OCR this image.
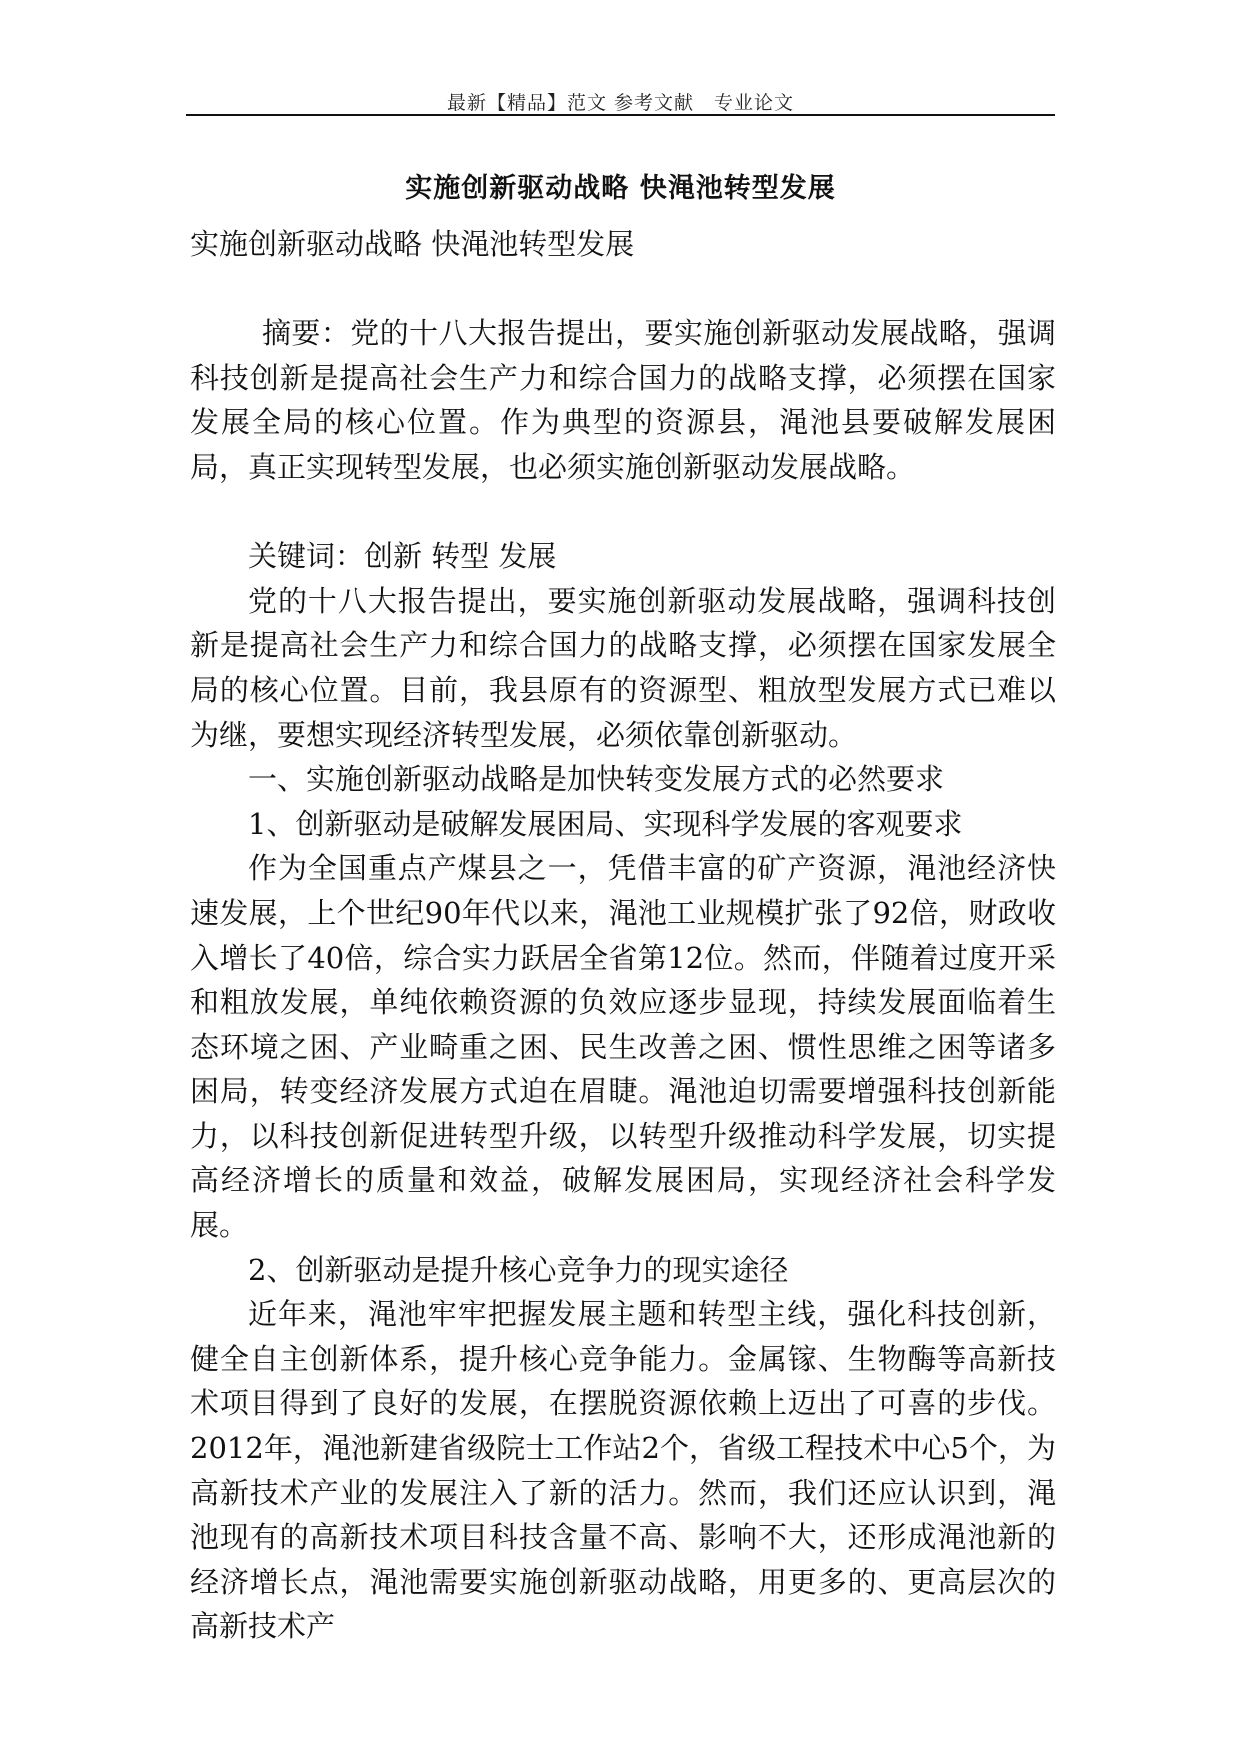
最新【精品】范文 参考文献　专业论文
实施创新驱动战略 快渑池转型发展

实施创新驱动战略 快渑池转型发展

摘要：党的十八大报告提出，要实施创新驱动发展战略，强调科技创新是提高社会生产力和综合国力的战略支撑，必须摆在国家发展全局的核心位置。作为典型的资源县，渑池县要破解发展困局，真正实现转型发展，也必须实施创新驱动发展战略。

关键词：创新 转型 发展

党的十八大报告提出，要实施创新驱动发展战略，强调科技创新是提高社会生产力和综合国力的战略支撑，必须摆在国家发展全局的核心位置。目前，我县原有的资源型、粗放型发展方式已难以为继，要想实现经济转型发展，必须依靠创新驱动。

一、实施创新驱动战略是加快转变发展方式的必然要求

1、创新驱动是破解发展困局、实现科学发展的客观要求

作为全国重点产煤县之一，凭借丰富的矿产资源，渑池经济快速发展，上个世纪90年代以来，渑池工业规模扩张了92倍，财政收入增长了40倍，综合实力跃居全省第12位。然而，伴随着过度开采和粗放发展，单纯依赖资源的负效应逐步显现，持续发展面临着生态环境之困、产业畸重之困、民生改善之困、惯性思维之困等诸多困局，转变经济发展方式迫在眉睫。渑池迫切需要增强科技创新能力，以科技创新促进转型升级，以转型升级推动科学发展，切实提高经济增长的质量和效益，破解发展困局，实现经济社会科学发展。

2、创新驱动是提升核心竞争力的现实途径

近年来，渑池牢牢把握发展主题和转型主线，强化科技创新，健全自主创新体系，提升核心竞争能力。金属镓、生物酶等高新技术项目得到了良好的发展，在摆脱资源依赖上迈出了可喜的步伐。2012年，渑池新建省级院士工作站2个，省级工程技术中心5个，为高新技术产业的发展注入了新的活力。然而，我们还应认识到，渑池现有的高新技术项目科技含量不高、影响不大，还形成渑池新的经济增长点，渑池需要实施创新驱动战略，用更多的、更高层次的高新技术产
